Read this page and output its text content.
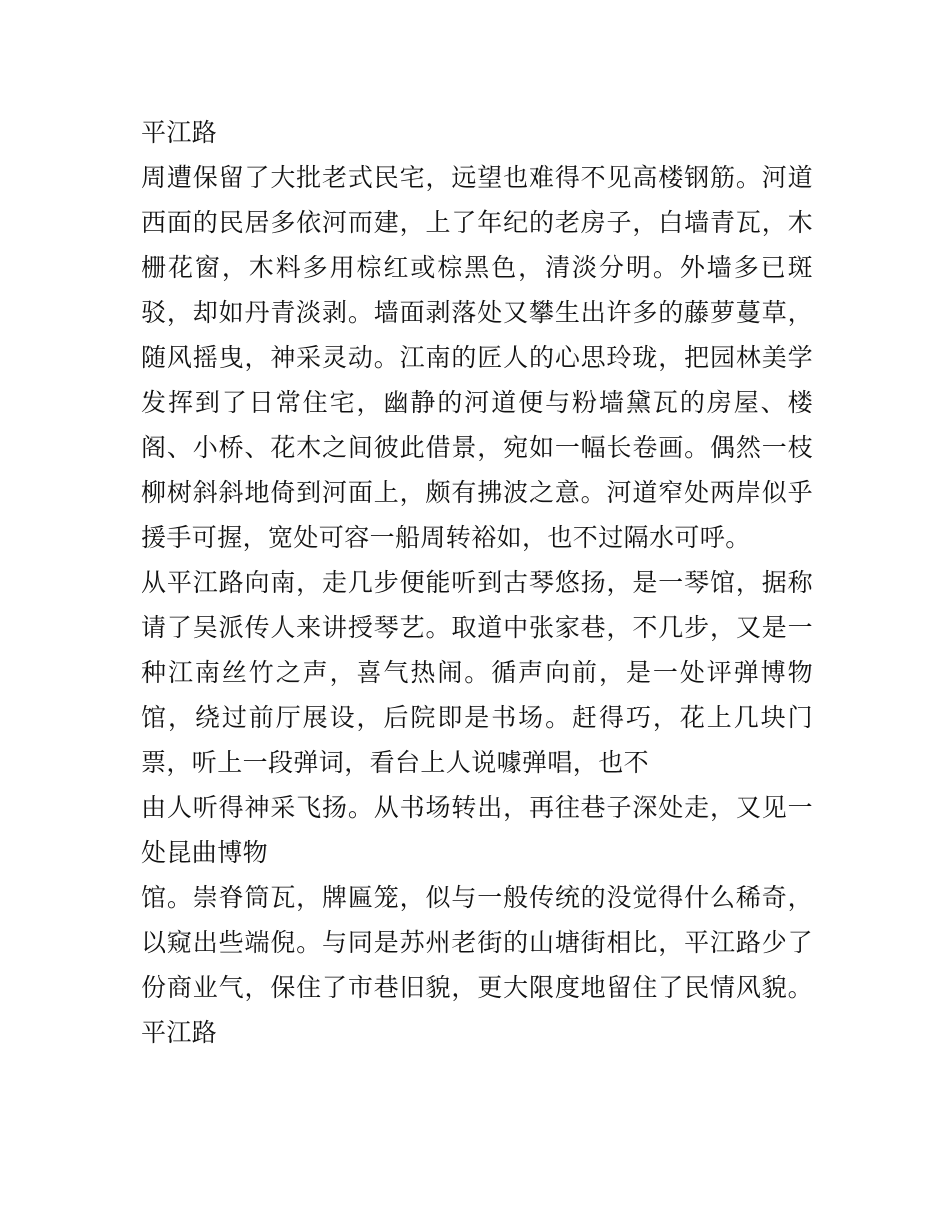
平江路

周遭保留了大批老式民宅，远望也难得不见高楼钢筋。河道西面的民居多依河而建，上了年纪的老房子，白墙青瓦，木栅花窗，木料多用棕红或棕黑色，清淡分明。外墙多已斑驳，却如丹青淡剥。墙面剥落处又攀生出许多的藤萝蔓草，随风摇曳，神采灵动。江南的匠人的心思玲珑，把园林美学发挥到了日常住宅，幽静的河道便与粉墙黛瓦的房屋、楼阁、小桥、花木之间彼此借景，宛如一幅长卷画。偶然一枝柳树斜斜地倚到河面上，颇有拂波之意。河道窄处两岸似乎援手可握，宽处可容一船周转裕如，也不过隔水可呼。

从平江路向南，走几步便能听到古琴悠扬，是一琴馆，据称请了吴派传人来讲授琴艺。取道中张家巷，不几步，又是一种江南丝竹之声，喜气热闹。循声向前，是一处评弹博物馆，绕过前厅展设，后院即是书场。赶得巧，花上几块门票，听上一段弹词，看台上人说噱弹唱，也不

由人听得神采飞扬。从书场转出，再往巷子深处走，又见一处昆曲博物

馆。崇脊筒瓦，牌匾笼，似与一般传统的没觉得什么稀奇，以窥出些端倪。与同是苏州老街的山塘街相比，平江路少了份商业气，保住了市巷旧貌，更大限度地留住了民情风貌。平江路
